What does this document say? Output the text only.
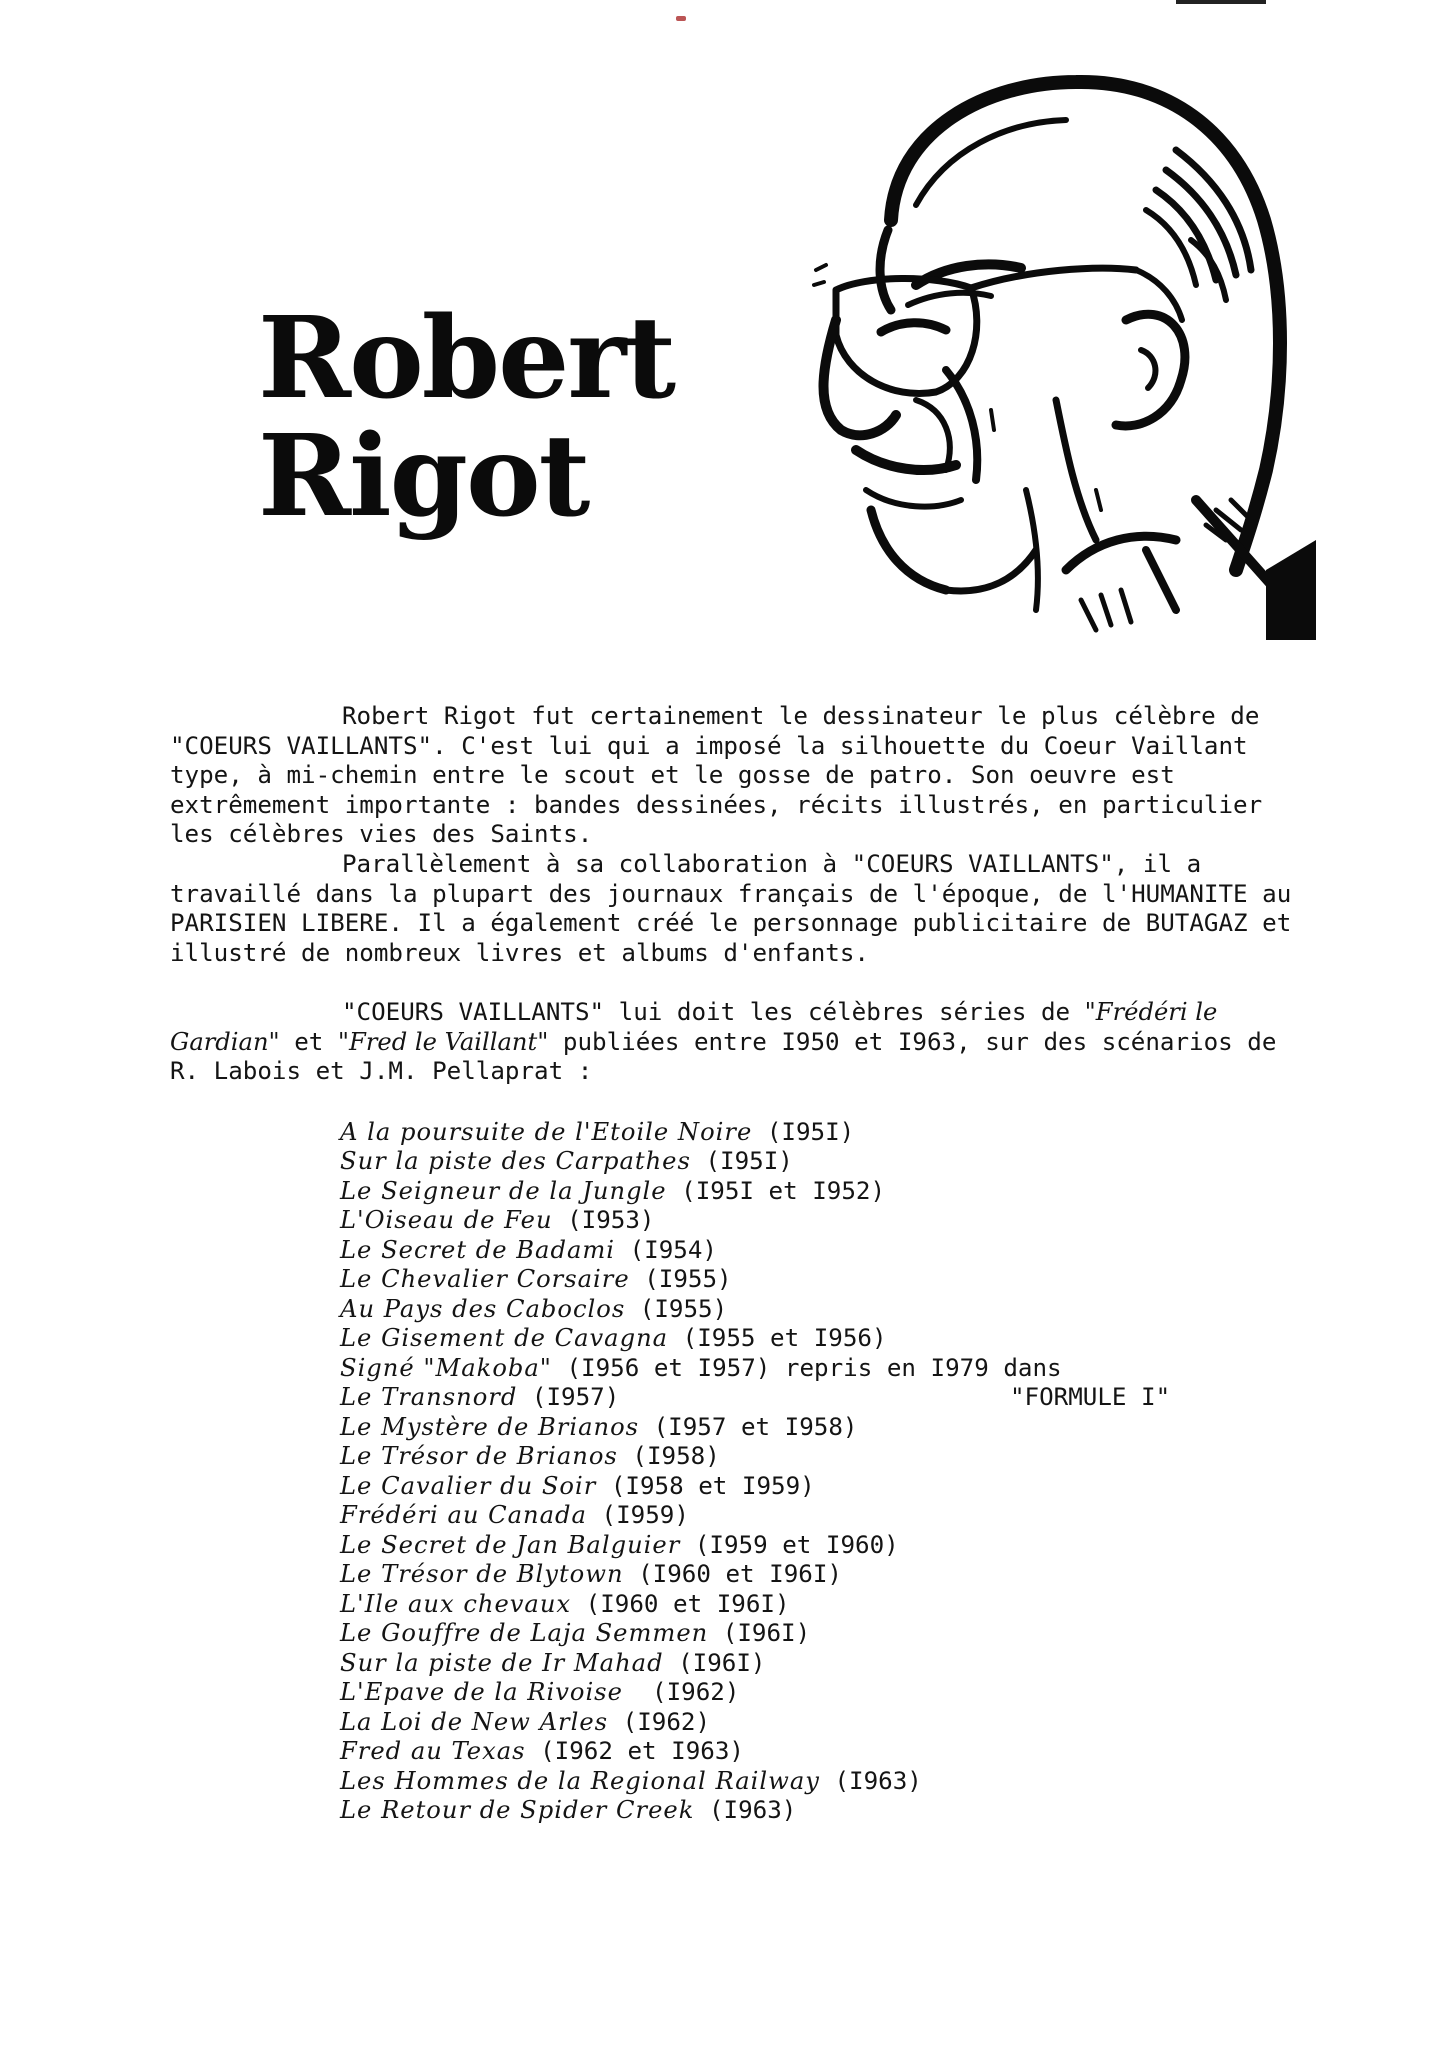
Robert
Rigot

Robert Rigot fut certainement le dessinateur le plus célèbre de "COEURS VAILLANTS". C'est lui qui a imposé la silhouette du Coeur Vaillant type, à mi-chemin entre le scout et le gosse de patro. Son oeuvre est extrêmement importante : bandes dessinées, récits illustrés, en particulier les célèbres vies des Saints.

Parallèlement à sa collaboration à "COEURS VAILLANTS", il a travaillé dans la plupart des journaux français de l'époque, de l'HUMANITE au PARISIEN LIBERE. Il a également créé le personnage publicitaire de BUTAGAZ et illustré de nombreux livres et albums d'enfants.

"COEURS VAILLANTS" lui doit les célèbres séries de "Frédéri le Gardian" et "Fred le Vaillant" publiées entre I950 et I963, sur des scénarios de R. Labois et J.M. Pellaprat :

A la poursuite de l'Etoile Noire (I95I)
Sur la piste des Carpathes (I95I)
Le Seigneur de la Jungle (I95I et I952)
L'Oiseau de Feu (I953)
Le Secret de Badami (I954)
Le Chevalier Corsaire (I955)
Au Pays des Caboclos (I955)
Le Gisement de Cavagna (I955 et I956)
Signé "Makoba" (I956 et I957) repris en I979 dans
"FORMULE I"
Le Transnord (I957)
Le Mystère de Brianos (I957 et I958)
Le Trésor de Brianos (I958)
Le Cavalier du Soir (I958 et I959)
Frédéri au Canada (I959)
Le Secret de Jan Balguier (I959 et I960)
Le Trésor de Blytown (I960 et I96I)
L'Ile aux chevaux (I960 et I96I)
Le Gouffre de Laja Semmen (I96I)
Sur la piste de Ir Mahad (I96I)
L'Epave de la Rivoise  (I962)
La Loi de New Arles (I962)
Fred au Texas (I962 et I963)
Les Hommes de la Regional Railway (I963)
Le Retour de Spider Creek (I963)
